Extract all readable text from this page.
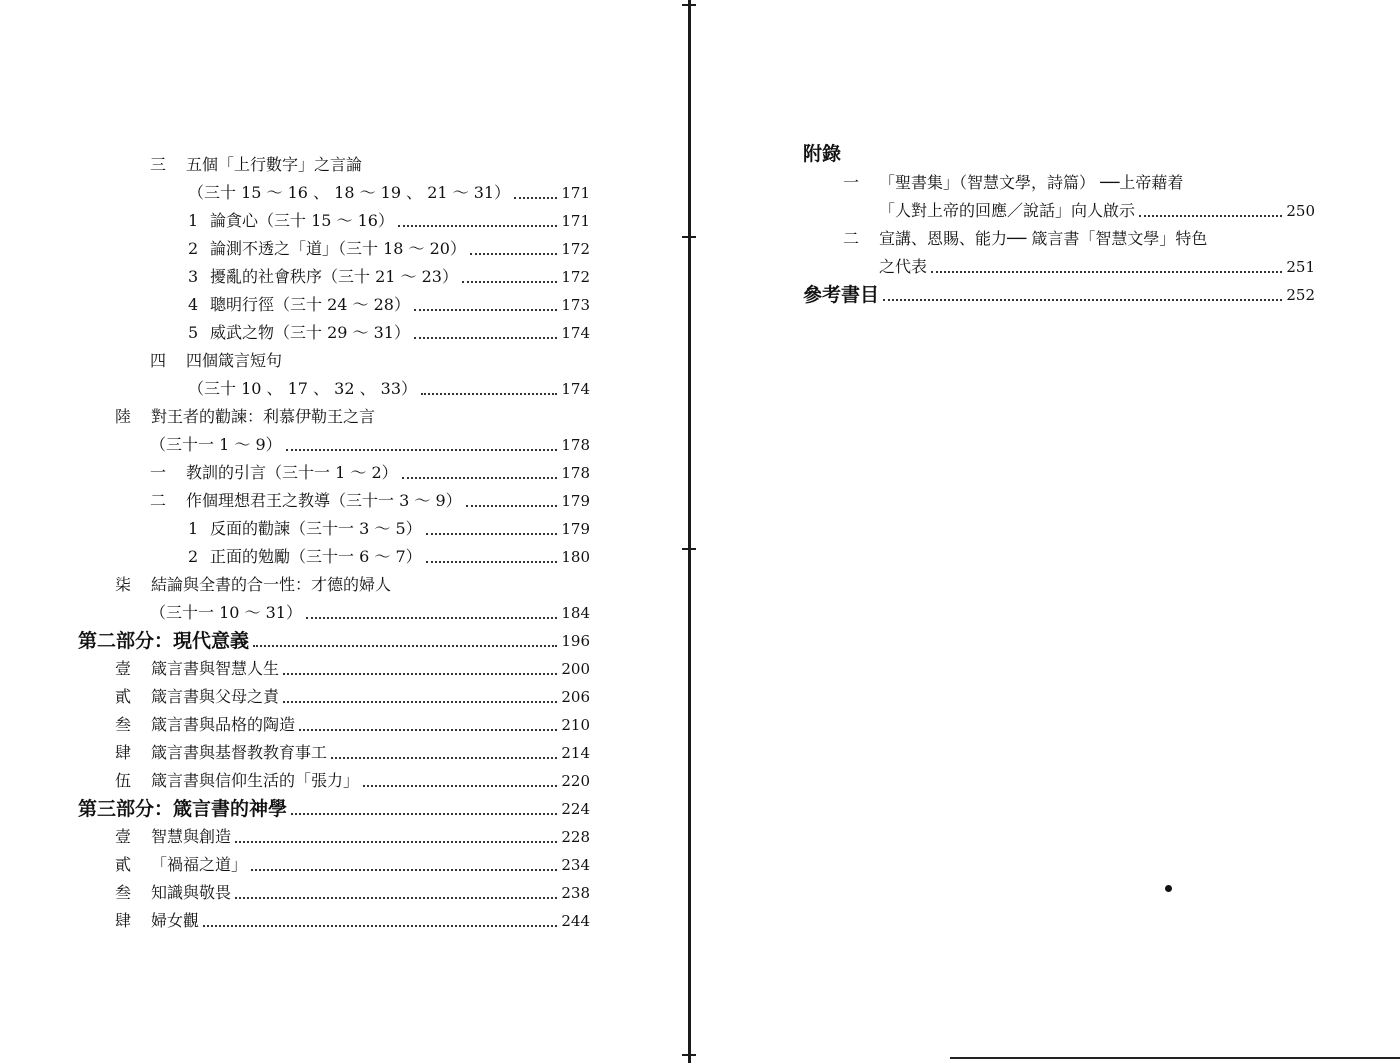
三	五個「上行數字」之言論
（三十 15 ～ 16 、 18 ～ 19 、 21 ～ 31）	171
1 論貪心（三十 15 ～ 16）	171
2 論測不透之「道」（三十 18 ～ 20）	172
3 擾亂的社會秩序（三十 21 ～ 23）	172
4 聰明行徑（三十 24 ～ 28）	173
5 威武之物（三十 29 ～ 31）	174
四	四個箴言短句
（三十 10 、 17 、 32 、 33）	174
陸	對王者的勸諫：利慕伊勒王之言
（三十一 1 ～ 9）	178
一	教訓的引言（三十一 1 ～ 2）	178
二	作個理想君王之教導（三十一 3 ～ 9）	179
1 反面的勸諫（三十一 3 ～ 5）	179
2 正面的勉勵（三十一 6 ～ 7）	180
柒	結論與全書的合一性：才德的婦人
（三十一 10 ～ 31）	184
第二部分：現代意義	196
壹	箴言書與智慧人生	200
貳	箴言書與父母之責	206
叁	箴言書與品格的陶造	210
肆	箴言書與基督教教育事工	214
伍	箴言書與信仰生活的「張力」	220
第三部分：箴言書的神學	224
壹	智慧與創造	228
貳	「禍福之道」	234
叁	知識與敬畏	238
肆	婦女觀	244
附錄
一	「聖書集」（智慧文學，詩篇） ──上帝藉着
「人對上帝的回應／說話」向人啟示	250
二	宣講、恩賜、能力── 箴言書「智慧文學」特色
之代表	251
參考書目	252
